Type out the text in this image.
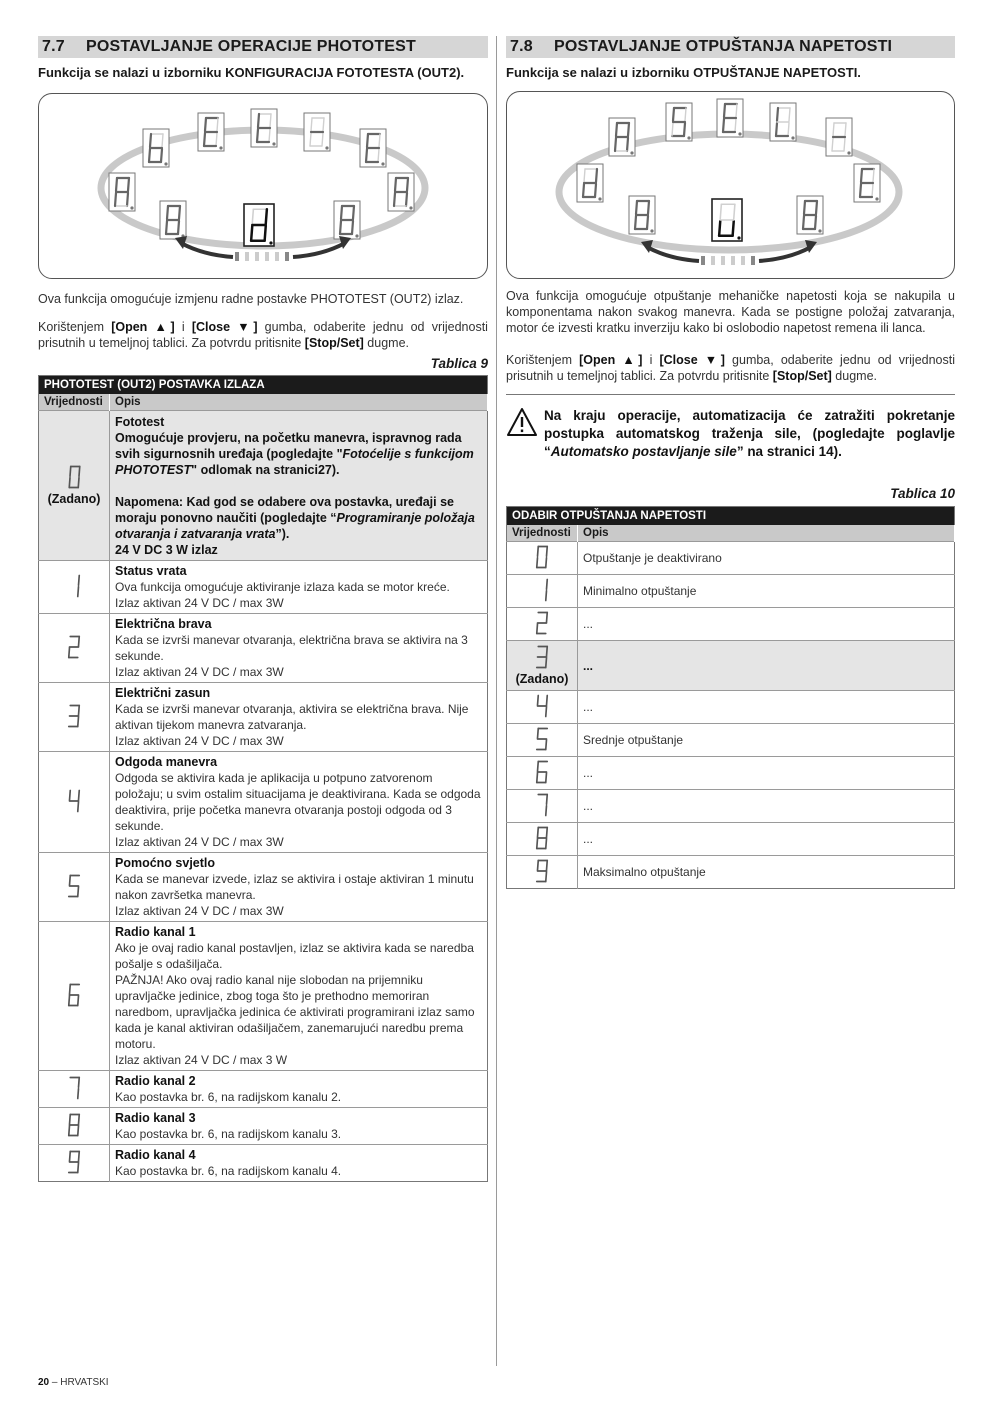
7.7	POSTAVLJANJE OPERACIJE PHOTOTEST
Funkcija se nalazi u izborniku KONFIGURACIJA FOTOTESTA (OUT2).
Ova funkcija omogućuje izmjenu radne postavke PHOTOTEST (OUT2) izlaz.
Korištenjem [Open ▲] i [Close ▼] gumba, odaberite jednu od vrijednosti prisutnih u temeljnoj tablici. Za potvrdu pritisnite [Stop/Set] dugme.
Tablica 9
PHOTOTEST (OUT2) POSTAVKA IZLAZA	
Vrijednosti	Opis

(Zadano)	Fototest
Omogućuje provjeru, na početku manevra, ispravnog rada svih sigurnosnih uređaja (pogledajte "Fotoćelije s funkcijom PHOTOTEST" odlomak na stranici27).
Napomena: Kad god se odabere ova postavka, uređaji se moraju ponovno naučiti (pogledajte “Programiranje položaja otvaranja i zatvaranja vrata”).
24 V DC 3 W izlaz

Status vrata
Ova funkcija omogućuje aktiviranje izlaza kada se motor kreće.
Izlaz aktivan 24 V DC / max 3W

Električna brava
Kada se izvrši manevar otvaranja, električna brava se aktivira na 3 sekunde.
Izlaz aktivan 24 V DC / max 3W

Električni zasun
Kada se izvrši manevar otvaranja, aktivira se električna brava. Nije aktivan tijekom manevra zatvaranja.
Izlaz aktivan 24 V DC / max 3W

Odgoda manevra
Odgoda se aktivira kada je aplikacija u potpuno zatvorenom položaju; u svim ostalim situacijama je deaktivirana. Kada se odgoda deaktivira, prije početka manevra otvaranja postoji odgoda od 3 sekunde.
Izlaz aktivan 24 V DC / max 3W

Pomoćno svjetlo
Kada se manevar izvede, izlaz se aktivira i ostaje aktiviran 1 minutu nakon završetka manevra.
Izlaz aktivan 24 V DC / max 3W

Radio kanal 1
Ako je ovaj radio kanal postavljen, izlaz se aktivira kada se naredba pošalje s odašiljača.
PAŽNJA! Ako ovaj radio kanal nije slobodan na prijemniku upravljačke jedinice, zbog toga što je prethodno memoriran naredbom, upravljačka jedinica će aktivirati programirani izlaz samo kada je kanal aktiviran odašiljačem, zanemarujući naredbu prema motoru.
Izlaz aktivan 24 V DC / max 3 W

Radio kanal 2
Kao postavka br. 6, na radijskom kanalu 2.

Radio kanal 3
Kao postavka br. 6, na radijskom kanalu 3.

Radio kanal 4
Kao postavka br. 6, na radijskom kanalu 4.
7.8	POSTAVLJANJE OTPUŠTANJA NAPETOSTI
Funkcija se nalazi u izborniku OTPUŠTANJE NAPETOSTI.
Ova funkcija omogućuje otpuštanje mehaničke napetosti koja se nakupila u komponentama nakon svakog manevra. Kada se postigne položaj zatvaranja, motor će izvesti kratku inverziju kako bi oslobodio napetost remena ili lanca.
Korištenjem [Open ▲] i [Close ▼] gumba, odaberite jednu od vrijednosti prisutnih u temeljnoj tablici. Za potvrdu pritisnite [Stop/Set] dugme.
Na kraju operacije, automatizacija će zatražiti pokretanje postupka automatskog traženja sile, (pogledajte poglavlje “Automatsko postavljanje sile” na stranici 14).
Tablica 10
ODABIR OTPUŠTANJA NAPETOSTI	
Vrijednosti	Opis
	Otpuštanje je deaktivirano
	Minimalno otpuštanje
	...

(Zadano)	...
	...
	Srednje otpuštanje
	...
	...
	...
	Maksimalno otpuštanje
20 – HRVATSKI
